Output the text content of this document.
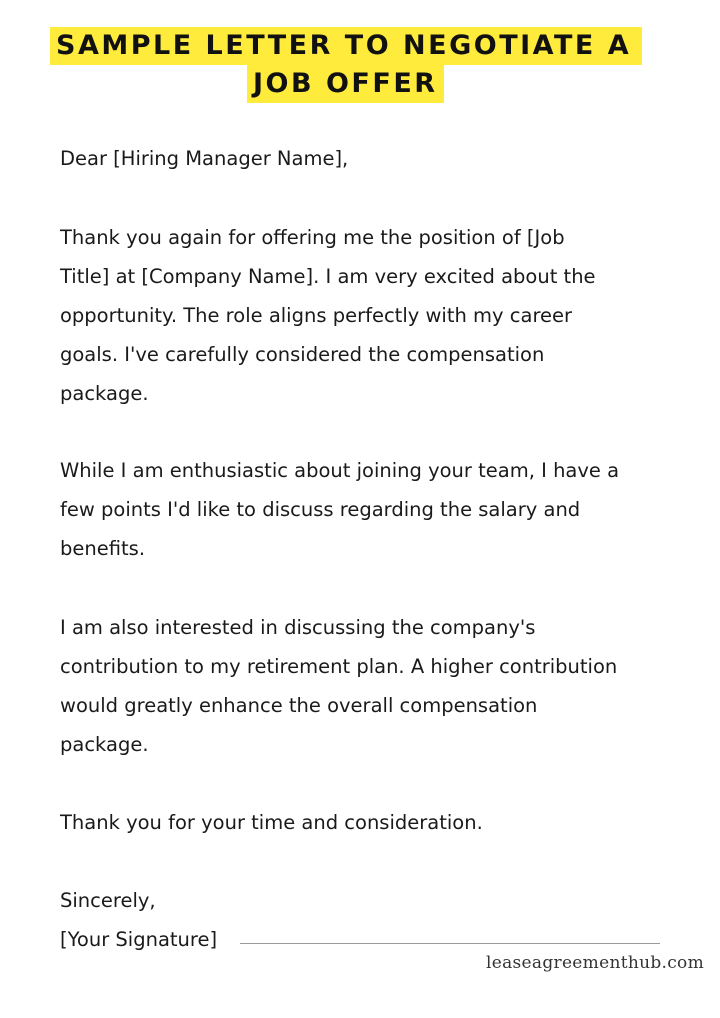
SAMPLE LETTER TO NEGOTIATE A
JOB OFFER
Dear [Hiring Manager Name],
Thank you again for offering me the position of [Job
Title] at [Company Name]. I am very excited about the
opportunity. The role aligns perfectly with my career
goals. I've carefully considered the compensation
package.
While I am enthusiastic about joining your team, I have a
few points I'd like to discuss regarding the salary and
benefits.
I am also interested in discussing the company's
contribution to my retirement plan. A higher contribution
would greatly enhance the overall compensation
package.
Thank you for your time and consideration.
Sincerely,
[Your Signature]
leaseagreementhub.com
